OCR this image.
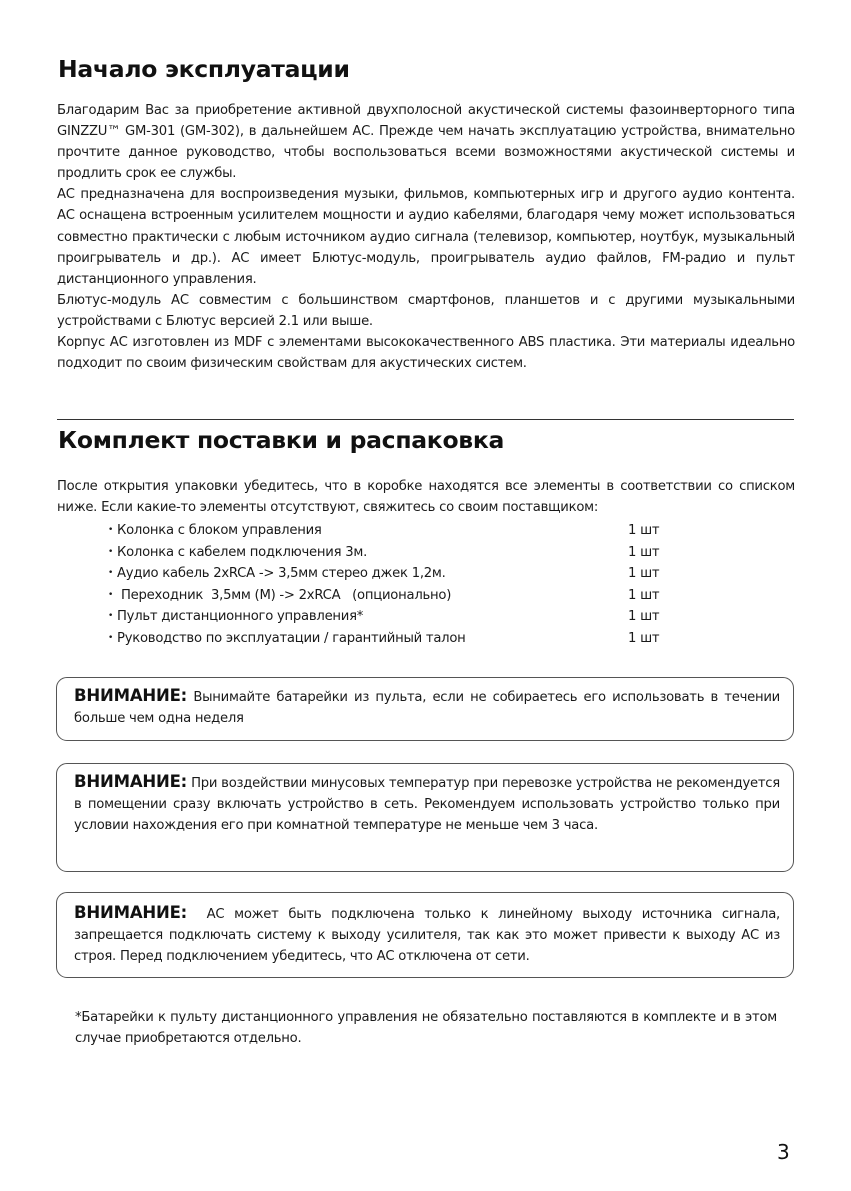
Начало эксплуатации

Благодарим Вас за приобретение активной двухполосной акустической системы фазоинверторного типа GINZZU™ GM-301 (GM-302), в дальнейшем АС. Прежде чем начать эксплуатацию устройства, внимательно прочтите данное руководство, чтобы воспользоваться всеми возможностями акустической системы и продлить срок ее службы.

АС предназначена для воспроизведения музыки, фильмов, компьютерных игр и другого аудио контента. АС оснащена встроенным усилителем мощности и аудио кабелями, благодаря чему может использоваться совместно практически с любым источником аудио сигнала (телевизор, компьютер, ноутбук, музыкальный проигрыватель и др.). АС имеет Блютус-модуль, проигрыватель аудио файлов, FM-радио и пульт дистанционного управления.

Блютус-модуль АС совместим с большинством смартфонов, планшетов и с другими музыкальными устройствами с Блютус версией 2.1 или выше.

Корпус АС изготовлен из MDF с элементами высококачественного ABS пластика. Эти материалы идеально подходит по своим физическим свойствам для акустических систем.

Комплект поставки и распаковка

После открытия упаковки убедитесь, что в коробке находятся все элементы в соответствии со списком ниже. Если какие-то элементы отсутствуют, свяжитесь со своим поставщиком:

• Колонка с блоком управления	1 шт
• Колонка с кабелем подключения 3м.	1 шт
• Аудио кабель 2xRCA -> 3,5мм стерео джек 1,2м.	1 шт
• Переходник  3,5мм (M) -> 2xRCA   (опционально)	1 шт
• Пульт дистанционного управления*	1 шт
• Руководство по эксплуатации / гарантийный талон	1 шт

ВНИМАНИЕ: Вынимайте батарейки из пульта, если не собираетесь его использовать в течении больше чем одна неделя

ВНИМАНИЕ: При воздействии минусовых температур при перевозке устройства не рекомендуется в помещении сразу включать устройство в сеть. Рекомендуем использовать устройство только при условии нахождения его при комнатной температуре не меньше чем 3 часа.

ВНИМАНИЕ:  АС может быть подключена только к линейному выходу источника сигнала, запрещается подключать систему к выходу усилителя, так как это может привести к выходу АС из строя. Перед подключением убедитесь, что АС отключена от сети.

*Батарейки к пульту дистанционного управления не обязательно поставляются в комплекте и в этом случае приобретаются отдельно.

3
